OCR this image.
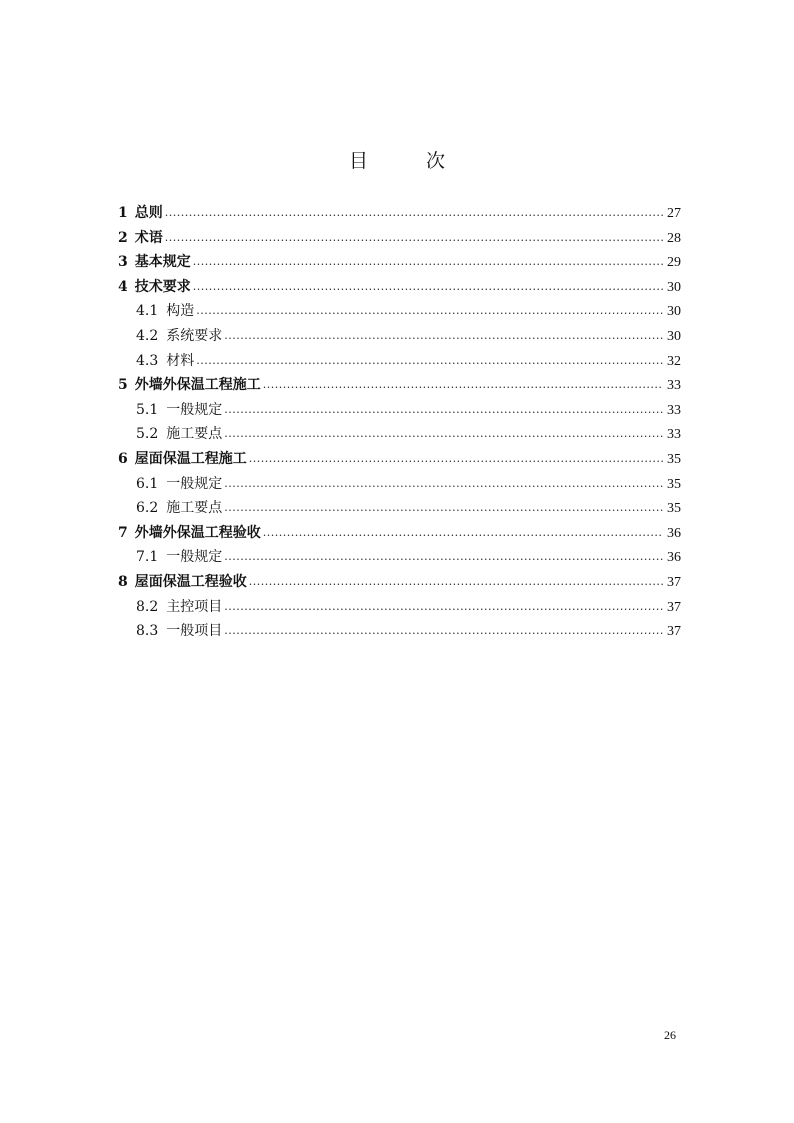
目 次
1 总则 .....	27
2 术语 .....	28
3 基本规定 .....	29
4 技术要求 .....	30
4.1 构造 .....	30
4.2 系统要求 .....	30
4.3 材料 .....	32
5 外墙外保温工程施工 .....	33
5.1 一般规定 .....	33
5.2 施工要点 .....	33
6 屋面保温工程施工 .....	35
6.1 一般规定 .....	35
6.2 施工要点 .....	35
7 外墙外保温工程验收 .....	36
7.1 一般规定 .....	36
8 屋面保温工程验收 .....	37
8.2 主控项目 .....	37
8.3 一般项目 .....	37
26
